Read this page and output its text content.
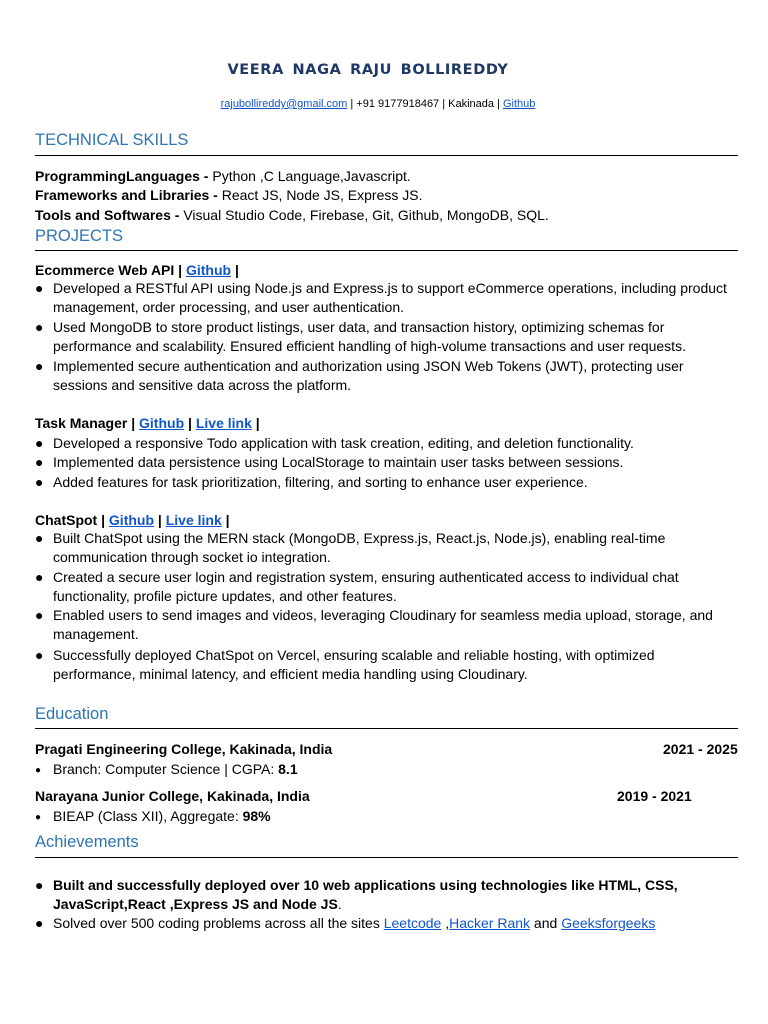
VEERA NAGA RAJU BOLLIREDDY
rajubollireddy@gmail.com | +91 9177918467 | Kakinada | Github
TECHNICAL SKILLS
ProgrammingLanguages - Python ,C Language,Javascript.
Frameworks and Libraries - React JS, Node JS, Express JS.
Tools and Softwares - Visual Studio Code, Firebase, Git, Github, MongoDB, SQL.
PROJECTS
Ecommerce Web API | Github |
● Developed a RESTful API using Node.js and Express.js to support eCommerce operations, including product management, order processing, and user authentication.
● Used MongoDB to store product listings, user data, and transaction history, optimizing schemas for performance and scalability. Ensured efficient handling of high-volume transactions and user requests.
● Implemented secure authentication and authorization using JSON Web Tokens (JWT), protecting user sessions and sensitive data across the platform.
Task Manager | Github | Live link |
● Developed a responsive Todo application with task creation, editing, and deletion functionality.
● Implemented data persistence using LocalStorage to maintain user tasks between sessions.
● Added features for task prioritization, filtering, and sorting to enhance user experience.
ChatSpot | Github | Live link |
● Built ChatSpot using the MERN stack (MongoDB, Express.js, React.js, Node.js), enabling real-time communication through socket io integration.
● Created a secure user login and registration system, ensuring authenticated access to individual chat functionality, profile picture updates, and other features.
● Enabled users to send images and videos, leveraging Cloudinary for seamless media upload, storage, and management.
● Successfully deployed ChatSpot on Vercel, ensuring scalable and reliable hosting, with optimized performance, minimal latency, and efficient media handling using Cloudinary.
Education
Pragati Engineering College, Kakinada, India	2021 - 2025
● Branch: Computer Science | CGPA: 8.1
Narayana Junior College, Kakinada, India	2019 - 2021
● BIEAP (Class XII), Aggregate: 98%
Achievements
● Built and successfully deployed over 10 web applications using technologies like HTML, CSS, JavaScript,React ,Express JS and Node JS.
● Solved over 500 coding problems across all the sites Leetcode ,Hacker Rank and Geeksforgeeks
